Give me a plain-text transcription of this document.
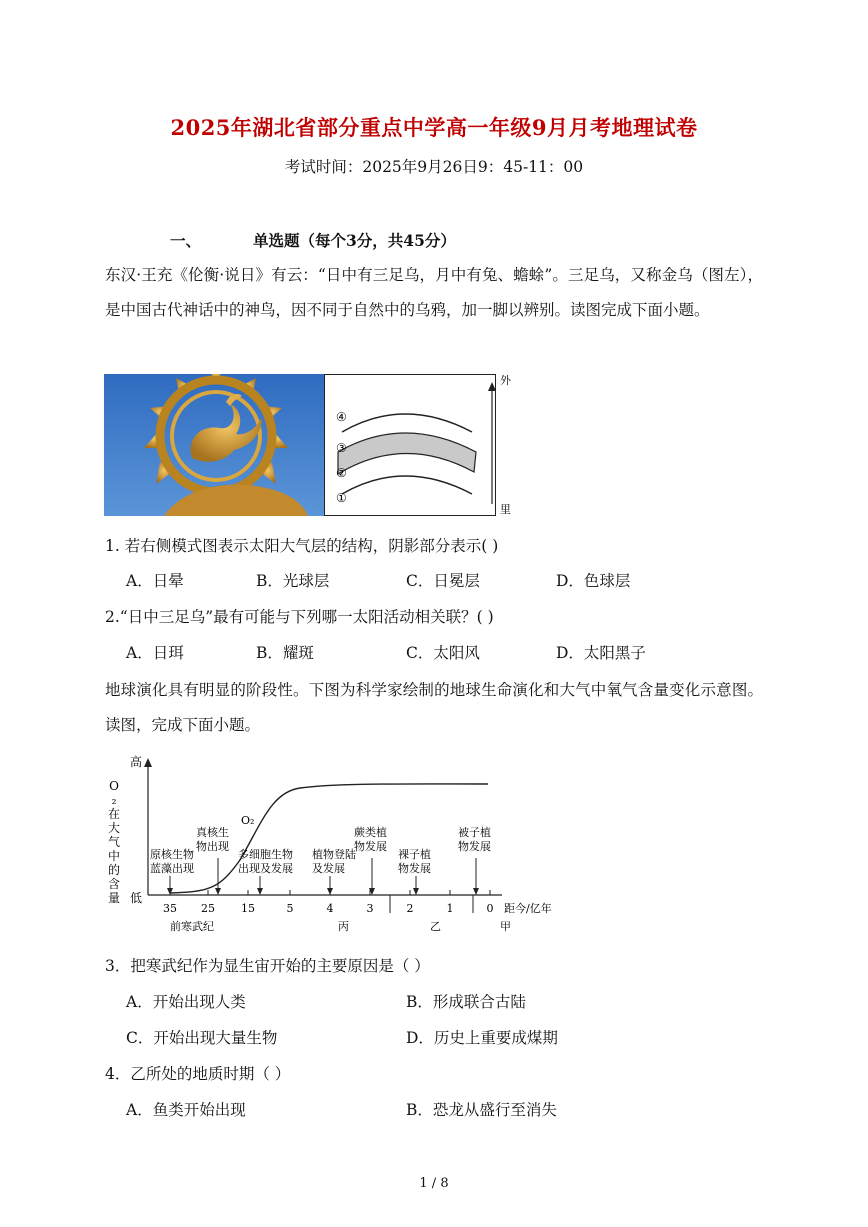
2025年湖北省部分重点中学高一年级9月月考地理试卷
考试时间：2025年9月26日9：45-11：00
一、	单选题（每个3分，共45分）
东汉·王充《伦衡·说日》有云：“日中有三足乌，月中有兔、蟾蜍”。三足乌，又称金乌（图左），是中国古代神话中的神鸟，因不同于自然中的乌鸦，加一脚以辨别。读图完成下面小题。
④
③
②
①
外
里
1. 若右侧模式图表示太阳大气层的结构，阴影部分表示( )
A．日晕	B．光球层	C．日冕层	D．色球层
2.“日中三足乌”最有可能与下列哪一太阳活动相关联？( )
A．日珥	B．耀斑	C．太阳风	D．太阳黑子
地球演化具有明显的阶段性。下图为科学家绘制的地球生命演化和大气中氧气含量变化示意图。读图，完成下面小题。
高
低
O
₂
在
大
气
中
的
含
量
O₂
35 25 15	5	4	3	2	1	0
原核生物
蓝藻出现
真核生
物出现
多细胞生物
出现及发展
植物登陆
及发展
蕨类植
物发展
裸子植
物发展
被子植
物发展
距今/亿年
前寒武纪	丙	乙	甲
3．把寒武纪作为显生宙开始的主要原因是（ ）
A．开始出现人类	B．形成联合古陆
C．开始出现大量生物	D．历史上重要成煤期
4．乙所处的地质时期（ ）
A．鱼类开始出现	B．恐龙从盛行至消失
1 / 8
